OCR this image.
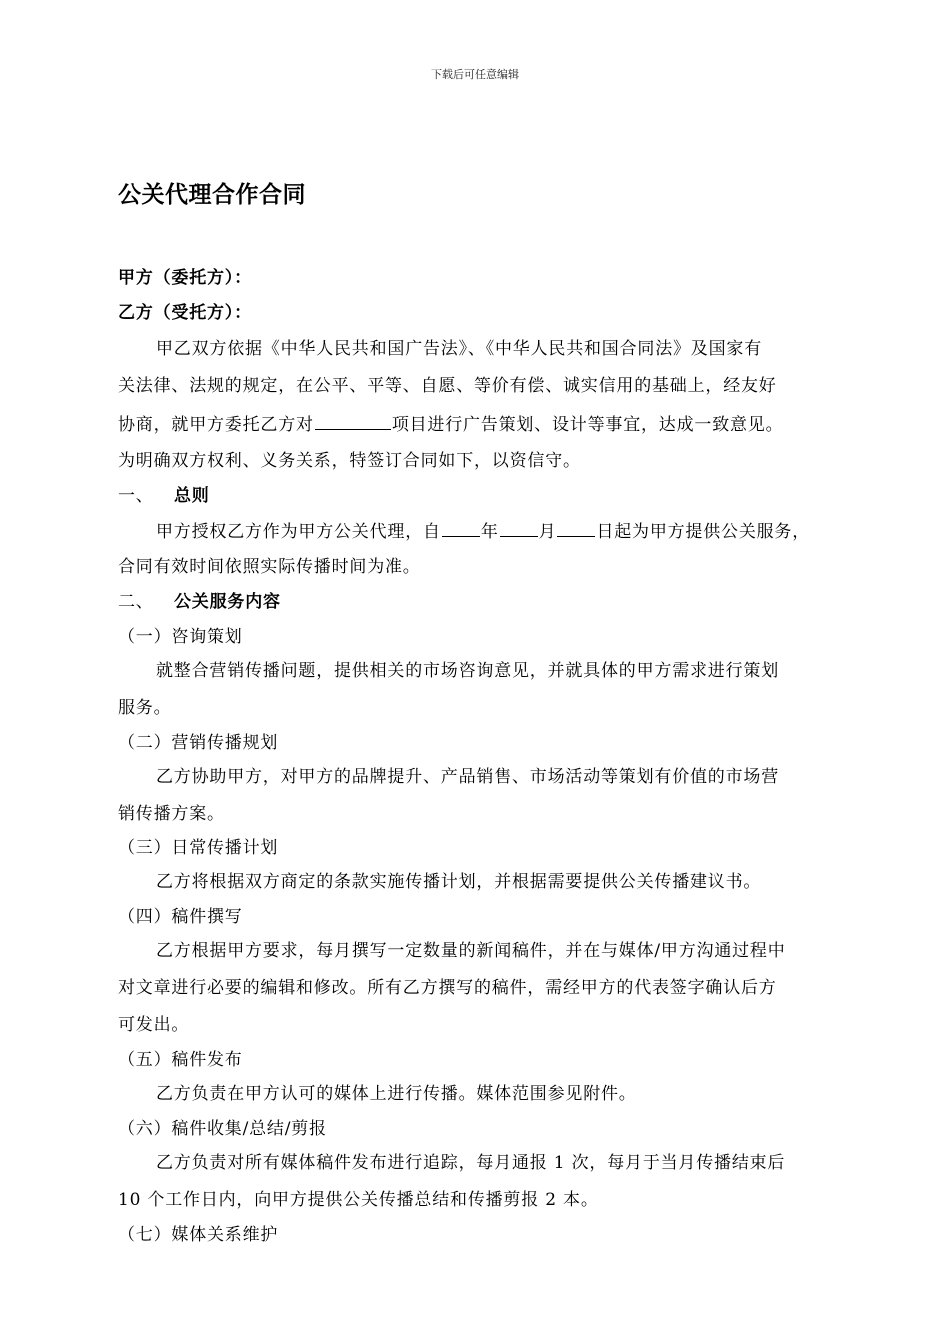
下载后可任意编辑
公关代理合作合同

甲方（委托方）：

乙方（受托方）：

甲乙双方依据《中华人民共和国广告法》、《中华人民共和国合同法》及国家有

关法律、法规的规定，在公平、平等、自愿、等价有偿、诚实信用的基础上，经友好

协商，就甲方委托乙方对	项目进行广告策划、设计等事宜，达成一致意见。

为明确双方权利、义务关系，特签订合同如下，以资信守。

一、 总则

甲方授权乙方作为甲方公关代理，自 年 月 日起为甲方提供公关服务，

合同有效时间依照实际传播时间为准。

二、 公关服务内容

（一）咨询策划

就整合营销传播问题，提供相关的市场咨询意见，并就具体的甲方需求进行策划

服务。

（二）营销传播规划

乙方协助甲方，对甲方的品牌提升、产品销售、市场活动等策划有价值的市场营

销传播方案。

（三）日常传播计划

乙方将根据双方商定的条款实施传播计划，并根据需要提供公关传播建议书。

（四）稿件撰写

乙方根据甲方要求，每月撰写一定数量的新闻稿件，并在与媒体/甲方沟通过程中

对文章进行必要的编辑和修改。所有乙方撰写的稿件，需经甲方的代表签字确认后方

可发出。

（五）稿件发布

乙方负责在甲方认可的媒体上进行传播。媒体范围参见附件。

（六）稿件收集/总结/剪报

乙方负责对所有媒体稿件发布进行追踪，每月通报 1 次，每月于当月传播结束后

10 个工作日内，向甲方提供公关传播总结和传播剪报 2 本。

（七）媒体关系维护
